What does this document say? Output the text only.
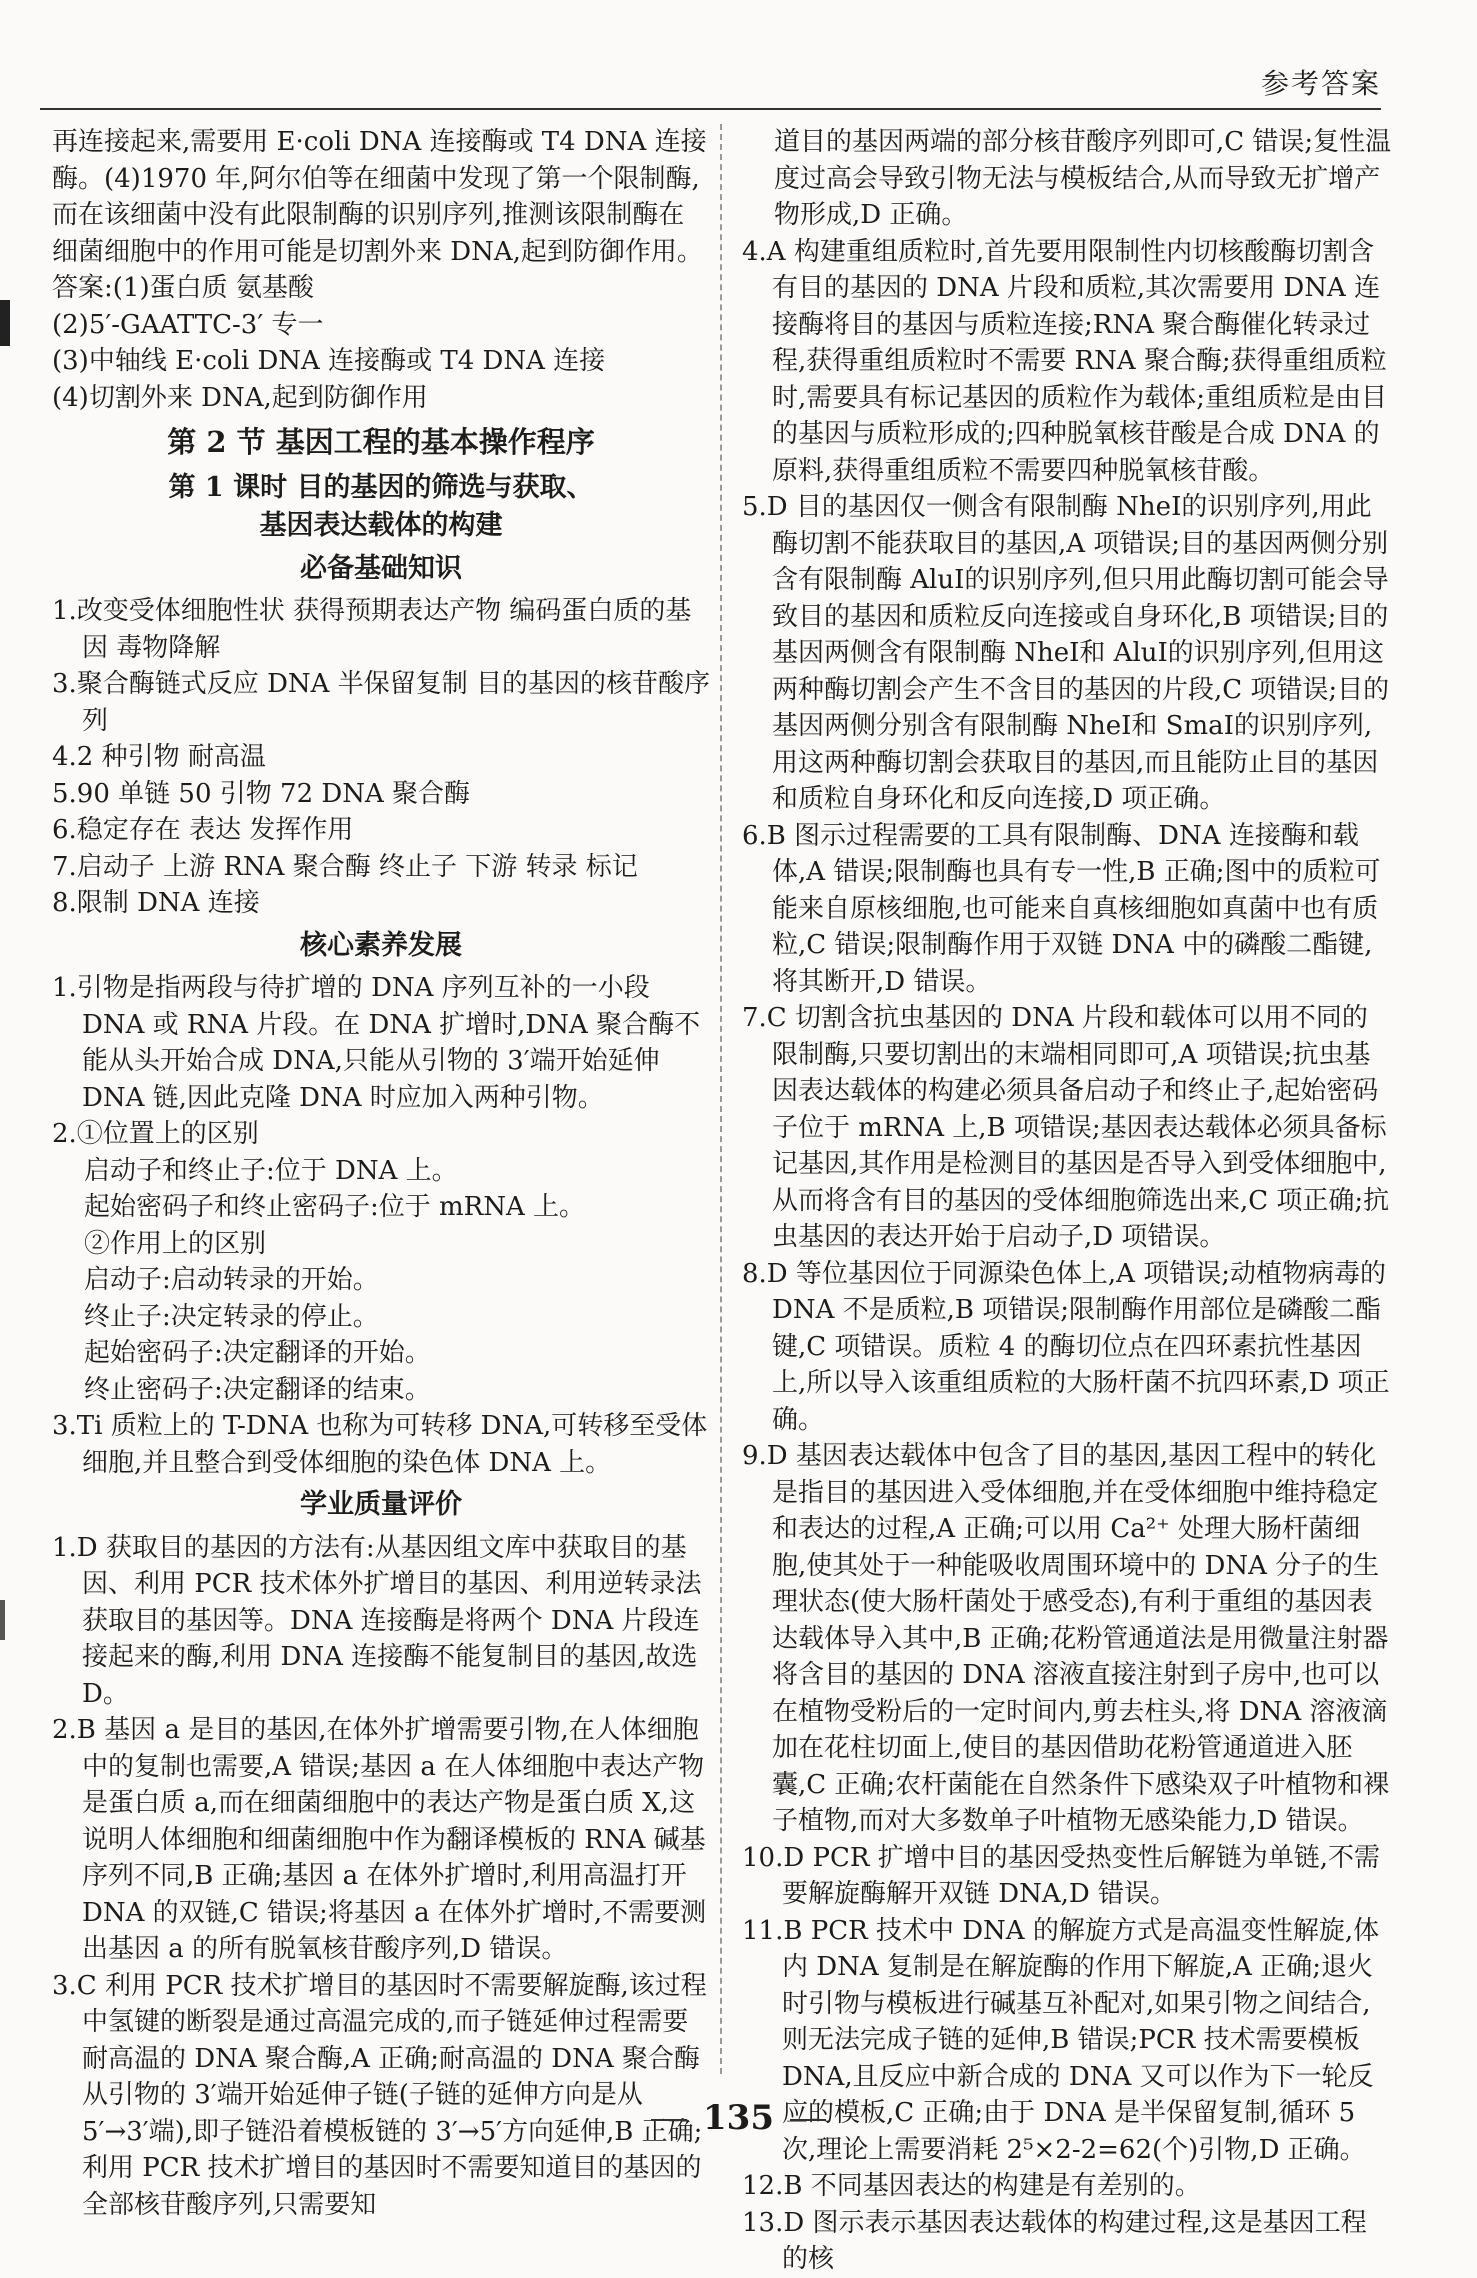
参考答案

再连接起来,需要用 E·coli DNA 连接酶或 T4 DNA 连接酶。(4)1970 年,阿尔伯等在细菌中发现了第一个限制酶,而在该细菌中没有此限制酶的识别序列,推测该限制酶在细菌细胞中的作用可能是切割外来 DNA,起到防御作用。

答案:(1)蛋白质 氨基酸

(2)5′-GAATTC-3′ 专一

(3)中轴线 E·coli DNA 连接酶或 T4 DNA 连接

(4)切割外来 DNA,起到防御作用

第 2 节 基因工程的基本操作程序

第 1 课时 目的基因的筛选与获取、

基因表达载体的构建

必备基础知识

1.改变受体细胞性状 获得预期表达产物 编码蛋白质的基因 毒物降解

3.聚合酶链式反应 DNA 半保留复制 目的基因的核苷酸序列

4.2 种引物 耐高温

5.90 单链 50 引物 72 DNA 聚合酶

6.稳定存在 表达 发挥作用

7.启动子 上游 RNA 聚合酶 终止子 下游 转录 标记

8.限制 DNA 连接

核心素养发展

1.引物是指两段与待扩增的 DNA 序列互补的一小段 DNA 或 RNA 片段。在 DNA 扩增时,DNA 聚合酶不能从头开始合成 DNA,只能从引物的 3′端开始延伸 DNA 链,因此克隆 DNA 时应加入两种引物。

2.①位置上的区别

启动子和终止子:位于 DNA 上。

起始密码子和终止密码子:位于 mRNA 上。

②作用上的区别

启动子:启动转录的开始。

终止子:决定转录的停止。

起始密码子:决定翻译的开始。

终止密码子:决定翻译的结束。

3.Ti 质粒上的 T-DNA 也称为可转移 DNA,可转移至受体细胞,并且整合到受体细胞的染色体 DNA 上。

学业质量评价

1.D 获取目的基因的方法有:从基因组文库中获取目的基因、利用 PCR 技术体外扩增目的基因、利用逆转录法获取目的基因等。DNA 连接酶是将两个 DNA 片段连接起来的酶,利用 DNA 连接酶不能复制目的基因,故选 D。

2.B 基因 a 是目的基因,在体外扩增需要引物,在人体细胞中的复制也需要,A 错误;基因 a 在人体细胞中表达产物是蛋白质 a,而在细菌细胞中的表达产物是蛋白质 X,这说明人体细胞和细菌细胞中作为翻译模板的 RNA 碱基序列不同,B 正确;基因 a 在体外扩增时,利用高温打开 DNA 的双链,C 错误;将基因 a 在体外扩增时,不需要测出基因 a 的所有脱氧核苷酸序列,D 错误。

3.C 利用 PCR 技术扩增目的基因时不需要解旋酶,该过程中氢键的断裂是通过高温完成的,而子链延伸过程需要耐高温的 DNA 聚合酶,A 正确;耐高温的 DNA 聚合酶从引物的 3′端开始延伸子链(子链的延伸方向是从 5′→3′端),即子链沿着模板链的 3′→5′方向延伸,B 正确;利用 PCR 技术扩增目的基因时不需要知道目的基因的全部核苷酸序列,只需要知

道目的基因两端的部分核苷酸序列即可,C 错误;复性温度过高会导致引物无法与模板结合,从而导致无扩增产物形成,D 正确。

4.A 构建重组质粒时,首先要用限制性内切核酸酶切割含有目的基因的 DNA 片段和质粒,其次需要用 DNA 连接酶将目的基因与质粒连接;RNA 聚合酶催化转录过程,获得重组质粒时不需要 RNA 聚合酶;获得重组质粒时,需要具有标记基因的质粒作为载体;重组质粒是由目的基因与质粒形成的;四种脱氧核苷酸是合成 DNA 的原料,获得重组质粒不需要四种脱氧核苷酸。

5.D 目的基因仅一侧含有限制酶 NheⅠ的识别序列,用此酶切割不能获取目的基因,A 项错误;目的基因两侧分别含有限制酶 AluⅠ的识别序列,但只用此酶切割可能会导致目的基因和质粒反向连接或自身环化,B 项错误;目的基因两侧含有限制酶 NheⅠ和 AluⅠ的识别序列,但用这两种酶切割会产生不含目的基因的片段,C 项错误;目的基因两侧分别含有限制酶 NheⅠ和 SmaⅠ的识别序列,用这两种酶切割会获取目的基因,而且能防止目的基因和质粒自身环化和反向连接,D 项正确。

6.B 图示过程需要的工具有限制酶、DNA 连接酶和载体,A 错误;限制酶也具有专一性,B 正确;图中的质粒可能来自原核细胞,也可能来自真核细胞如真菌中也有质粒,C 错误;限制酶作用于双链 DNA 中的磷酸二酯键,将其断开,D 错误。

7.C 切割含抗虫基因的 DNA 片段和载体可以用不同的限制酶,只要切割出的末端相同即可,A 项错误;抗虫基因表达载体的构建必须具备启动子和终止子,起始密码子位于 mRNA 上,B 项错误;基因表达载体必须具备标记基因,其作用是检测目的基因是否导入到受体细胞中,从而将含有目的基因的受体细胞筛选出来,C 项正确;抗虫基因的表达开始于启动子,D 项错误。

8.D 等位基因位于同源染色体上,A 项错误;动植物病毒的 DNA 不是质粒,B 项错误;限制酶作用部位是磷酸二酯键,C 项错误。质粒 4 的酶切位点在四环素抗性基因上,所以导入该重组质粒的大肠杆菌不抗四环素,D 项正确。

9.D 基因表达载体中包含了目的基因,基因工程中的转化是指目的基因进入受体细胞,并在受体细胞中维持稳定和表达的过程,A 正确;可以用 Ca²⁺ 处理大肠杆菌细胞,使其处于一种能吸收周围环境中的 DNA 分子的生理状态(使大肠杆菌处于感受态),有利于重组的基因表达载体导入其中,B 正确;花粉管通道法是用微量注射器将含目的基因的 DNA 溶液直接注射到子房中,也可以在植物受粉后的一定时间内,剪去柱头,将 DNA 溶液滴加在花柱切面上,使目的基因借助花粉管通道进入胚囊,C 正确;农杆菌能在自然条件下感染双子叶植物和裸子植物,而对大多数单子叶植物无感染能力,D 错误。

10.D PCR 扩增中目的基因受热变性后解链为单链,不需要解旋酶解开双链 DNA,D 错误。

11.B PCR 技术中 DNA 的解旋方式是高温变性解旋,体内 DNA 复制是在解旋酶的作用下解旋,A 正确;退火时引物与模板进行碱基互补配对,如果引物之间结合,则无法完成子链的延伸,B 错误;PCR 技术需要模板 DNA,且反应中新合成的 DNA 又可以作为下一轮反应的模板,C 正确;由于 DNA 是半保留复制,循环 5 次,理论上需要消耗 2⁵×2-2=62(个)引物,D 正确。

12.B 不同基因表达的构建是有差别的。

13.D 图示表示基因表达载体的构建过程,这是基因工程的核

135
